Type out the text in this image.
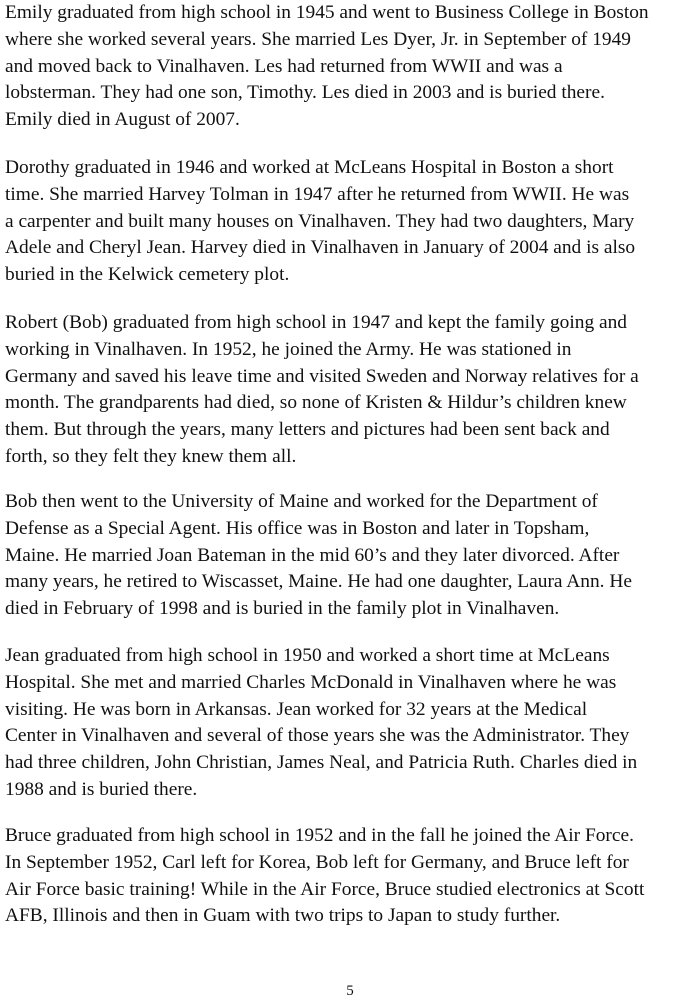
Emily graduated from high school in 1945 and went to Business College in Boston
where she worked several years. She married Les Dyer, Jr. in September of 1949
and moved back to Vinalhaven. Les had returned from WWII and was a
lobsterman. They had one son, Timothy. Les died in 2003 and is buried there.
Emily died in August of 2007.

Dorothy graduated in 1946 and worked at McLeans Hospital in Boston a short
time. She married Harvey Tolman in 1947 after he returned from WWII. He was
a carpenter and built many houses on Vinalhaven. They had two daughters, Mary
Adele and Cheryl Jean. Harvey died in Vinalhaven in January of 2004 and is also
buried in the Kelwick cemetery plot.

Robert (Bob) graduated from high school in 1947 and kept the family going and
working in Vinalhaven. In 1952, he joined the Army. He was stationed in
Germany and saved his leave time and visited Sweden and Norway relatives for a
month. The grandparents had died, so none of Kristen & Hildur’s children knew
them. But through the years, many letters and pictures had been sent back and
forth, so they felt they knew them all.

Bob then went to the University of Maine and worked for the Department of
Defense as a Special Agent. His office was in Boston and later in Topsham,
Maine. He married Joan Bateman in the mid 60’s and they later divorced. After
many years, he retired to Wiscasset, Maine. He had one daughter, Laura Ann. He
died in February of 1998 and is buried in the family plot in Vinalhaven.

Jean graduated from high school in 1950 and worked a short time at McLeans
Hospital. She met and married Charles McDonald in Vinalhaven where he was
visiting. He was born in Arkansas. Jean worked for 32 years at the Medical
Center in Vinalhaven and several of those years she was the Administrator. They
had three children, John Christian, James Neal, and Patricia Ruth. Charles died in
1988 and is buried there.

Bruce graduated from high school in 1952 and in the fall he joined the Air Force.
In September 1952, Carl left for Korea, Bob left for Germany, and Bruce left for
Air Force basic training! While in the Air Force, Bruce studied electronics at Scott
AFB, Illinois and then in Guam with two trips to Japan to study further.

5
